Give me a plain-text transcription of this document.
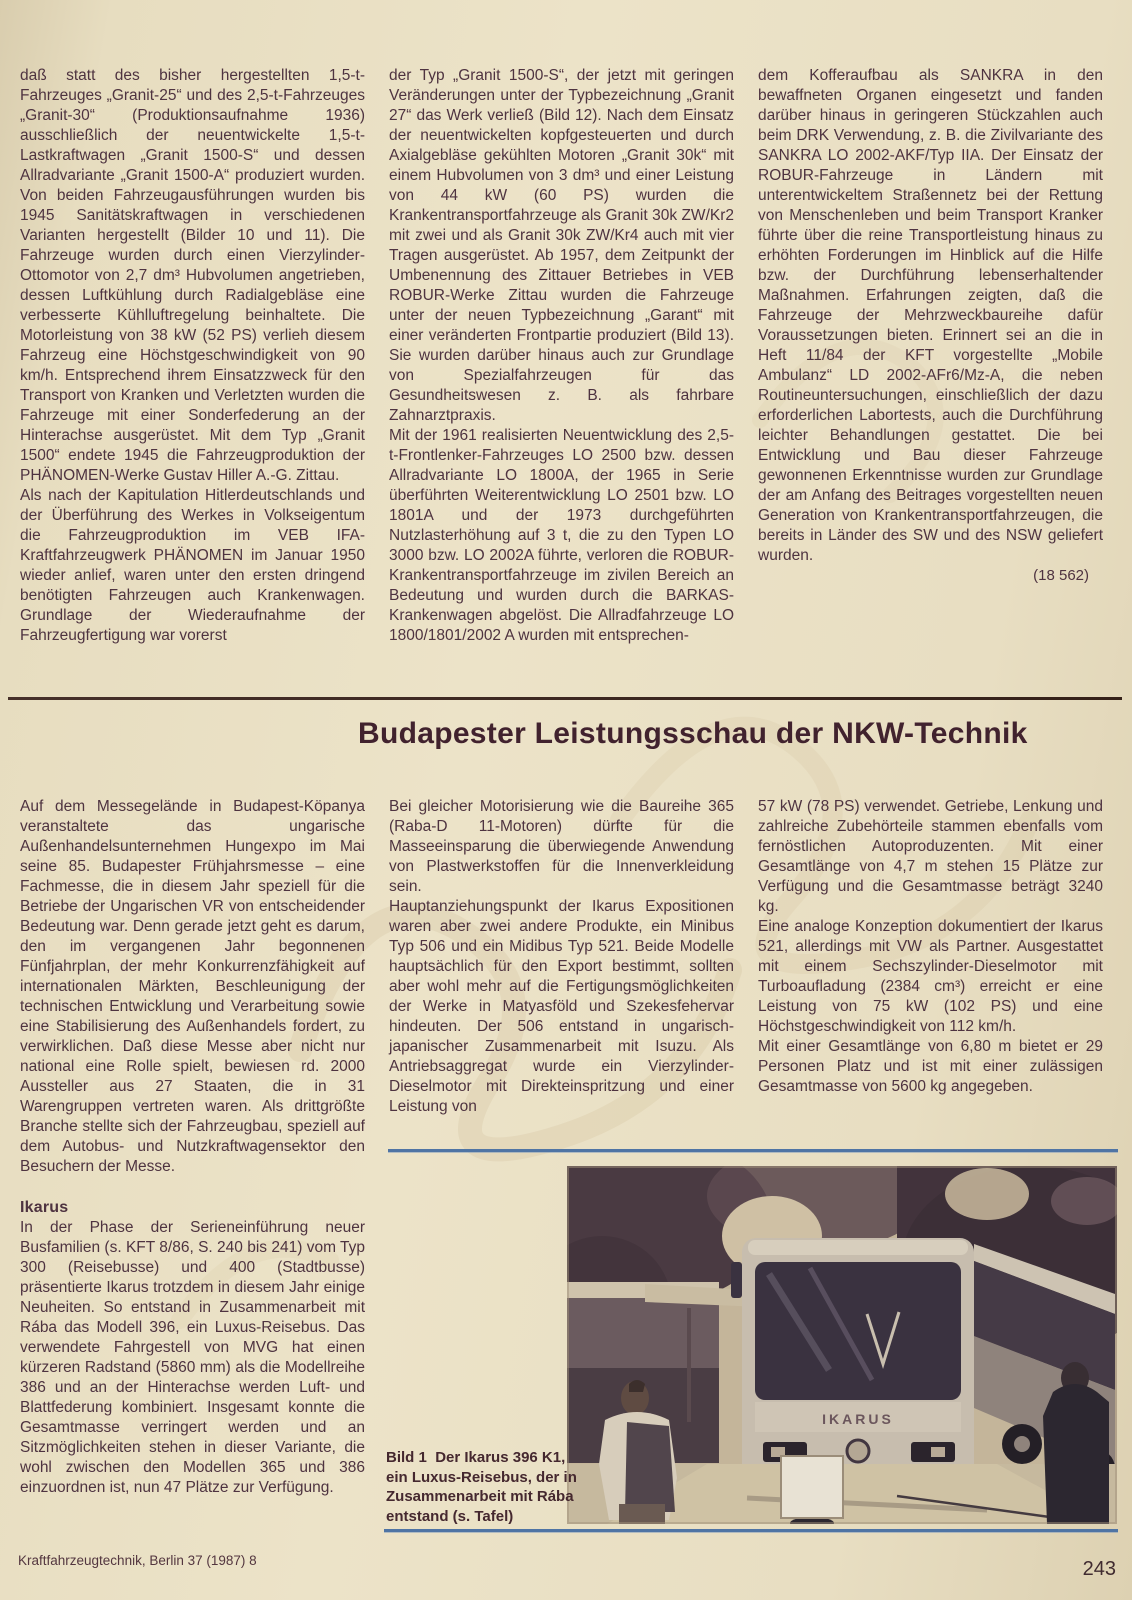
daß statt des bisher hergestellten 1,5-t-Fahrzeuges „Granit-25“ und des 2,5-t-Fahrzeuges „Granit-30“ (Produktionsaufnahme 1936) ausschließlich der neuentwickelte 1,5-t-Lastkraftwagen „Granit 1500-S“ und dessen Allradvariante „Granit 1500-A“ produziert wurden. Von beiden Fahrzeugausführungen wurden bis 1945 Sanitätskraftwagen in verschiedenen Varianten hergestellt (Bilder 10 und 11). Die Fahrzeuge wurden durch einen Vierzylinder-Ottomotor von 2,7 dm³ Hubvolumen angetrieben, dessen Luftkühlung durch Radialgebläse eine verbesserte Kühlluftregelung beinhaltete. Die Motorleistung von 38 kW (52 PS) verlieh diesem Fahrzeug eine Höchstgeschwindigkeit von 90 km/h. Entsprechend ihrem Einsatzzweck für den Transport von Kranken und Verletzten wurden die Fahrzeuge mit einer Sonderfederung an der Hinterachse ausgerüstet. Mit dem Typ „Granit 1500“ endete 1945 die Fahrzeugproduktion der PHÄNOMEN-Werke Gustav Hiller A.-G. Zittau.

Als nach der Kapitulation Hitlerdeutschlands und der Überführung des Werkes in Volkseigentum die Fahrzeugproduktion im VEB IFA-Kraftfahrzeugwerk PHÄNOMEN im Januar 1950 wieder anlief, waren unter den ersten dringend benötigten Fahrzeugen auch Krankenwagen. Grundlage der Wiederaufnahme der Fahrzeugfertigung war vorerst

der Typ „Granit 1500-S“, der jetzt mit geringen Veränderungen unter der Typbezeichnung „Granit 27“ das Werk verließ (Bild 12). Nach dem Einsatz der neuentwickelten kopfgesteuerten und durch Axialgebläse gekühlten Motoren „Granit 30k“ mit einem Hubvolumen von 3 dm³ und einer Leistung von 44 kW (60 PS) wurden die Krankentransportfahrzeuge als Granit 30k ZW/Kr2 mit zwei und als Granit 30k ZW/Kr4 auch mit vier Tragen ausgerüstet. Ab 1957, dem Zeitpunkt der Umbenennung des Zittauer Betriebes in VEB ROBUR-Werke Zittau wurden die Fahrzeuge unter der neuen Typbezeichnung „Garant“ mit einer veränderten Frontpartie produziert (Bild 13). Sie wurden darüber hinaus auch zur Grundlage von Spezialfahrzeugen für das Gesundheitswesen z. B. als fahrbare Zahnarztpraxis.

Mit der 1961 realisierten Neuentwicklung des 2,5-t-Frontlenker-Fahrzeuges LO 2500 bzw. dessen Allradvariante LO 1800A, der 1965 in Serie überführten Weiterentwicklung LO 2501 bzw. LO 1801A und der 1973 durchgeführten Nutzlasterhöhung auf 3 t, die zu den Typen LO 3000 bzw. LO 2002A führte, verloren die ROBUR-Krankentransportfahrzeuge im zivilen Bereich an Bedeutung und wurden durch die BARKAS-Krankenwagen abgelöst. Die Allradfahrzeuge LO 1800/1801/2002 A wurden mit entsprechen-

dem Kofferaufbau als SANKRA in den bewaffneten Organen eingesetzt und fanden darüber hinaus in geringeren Stückzahlen auch beim DRK Verwendung, z. B. die Zivilvariante des SANKRA LO 2002-AKF/Typ IIA. Der Einsatz der ROBUR-Fahrzeuge in Ländern mit unterentwickeltem Straßennetz bei der Rettung von Menschenleben und beim Transport Kranker führte über die reine Transportleistung hinaus zu erhöhten Forderungen im Hinblick auf die Hilfe bzw. der Durchführung lebenserhaltender Maßnahmen. Erfahrungen zeigten, daß die Fahrzeuge der Mehrzweckbaureihe dafür Voraussetzungen bieten. Erinnert sei an die in Heft 11/84 der KFT vorgestellte „Mobile Ambulanz“ LD 2002-AFr6/Mz-A, die neben Routineuntersuchungen, einschließlich der dazu erforderlichen Labortests, auch die Durchführung leichter Behandlungen gestattet. Die bei Entwicklung und Bau dieser Fahrzeuge gewonnenen Erkenntnisse wurden zur Grundlage der am Anfang des Beitrages vorgestellten neuen Generation von Krankentransportfahrzeugen, die bereits in Länder des SW und des NSW geliefert wurden.

(18 562)

Budapester Leistungsschau der NKW-Technik

Auf dem Messegelände in Budapest-Köpanya veranstaltete das ungarische Außenhandelsunternehmen Hungexpo im Mai seine 85. Budapester Frühjahrsmesse – eine Fachmesse, die in diesem Jahr speziell für die Betriebe der Ungarischen VR von entscheidender Bedeutung war. Denn gerade jetzt geht es darum, den im vergangenen Jahr begonnenen Fünfjahrplan, der mehr Konkurrenzfähigkeit auf internationalen Märkten, Beschleunigung der technischen Entwicklung und Verarbeitung sowie eine Stabilisierung des Außenhandels fordert, zu verwirklichen. Daß diese Messe aber nicht nur national eine Rolle spielt, bewiesen rd. 2000 Aussteller aus 27 Staaten, die in 31 Warengruppen vertreten waren. Als drittgrößte Branche stellte sich der Fahrzeugbau, speziell auf dem Autobus- und Nutzkraftwagensektor den Besuchern der Messe.

Ikarus

In der Phase der Serieneinführung neuer Busfamilien (s. KFT 8/86, S. 240 bis 241) vom Typ 300 (Reisebusse) und 400 (Stadtbusse) präsentierte Ikarus trotzdem in diesem Jahr einige Neuheiten. So entstand in Zusammenarbeit mit Rába das Modell 396, ein Luxus-Reisebus. Das verwendete Fahrgestell von MVG hat einen kürzeren Radstand (5860 mm) als die Modellreihe 386 und an der Hinterachse werden Luft- und Blattfederung kombiniert. Insgesamt konnte die Gesamtmasse verringert werden und an Sitzmöglichkeiten stehen in dieser Variante, die wohl zwischen den Modellen 365 und 386 einzuordnen ist, nun 47 Plätze zur Verfügung.

Bei gleicher Motorisierung wie die Baureihe 365 (Raba-D 11-Motoren) dürfte für die Masseeinsparung die überwiegende Anwendung von Plastwerkstoffen für die Innenverkleidung sein.

Hauptanziehungspunkt der Ikarus Expositionen waren aber zwei andere Produkte, ein Minibus Typ 506 und ein Midibus Typ 521. Beide Modelle hauptsächlich für den Export bestimmt, sollten aber wohl mehr auf die Fertigungsmöglichkeiten der Werke in Matyasföld und Szekesfehervar hindeuten. Der 506 entstand in ungarisch-japanischer Zusammenarbeit mit Isuzu. Als Antriebsaggregat wurde ein Vierzylinder-Dieselmotor mit Direkteinspritzung und einer Leistung von

57 kW (78 PS) verwendet. Getriebe, Lenkung und zahlreiche Zubehörteile stammen ebenfalls vom fernöstlichen Autoproduzenten. Mit einer Gesamtlänge von 4,7 m stehen 15 Plätze zur Verfügung und die Gesamtmasse beträgt 3240 kg.

Eine analoge Konzeption dokumentiert der Ikarus 521, allerdings mit VW als Partner. Ausgestattet mit einem Sechszylinder-Dieselmotor mit Turboaufladung (2384 cm³) erreicht er eine Leistung von 75 kW (102 PS) und eine Höchstgeschwindigkeit von 112 km/h.

Mit einer Gesamtlänge von 6,80 m bietet er 29 Personen Platz und ist mit einer zulässigen Gesamtmasse von 5600 kg angegeben.

IKARUS
Bild 1 Der Ikarus 396 K1, ein Luxus-Reisebus, der in Zusammenarbeit mit Rába entstand (s. Tafel)
Kraftfahrzeugtechnik, Berlin 37 (1987) 8	243
